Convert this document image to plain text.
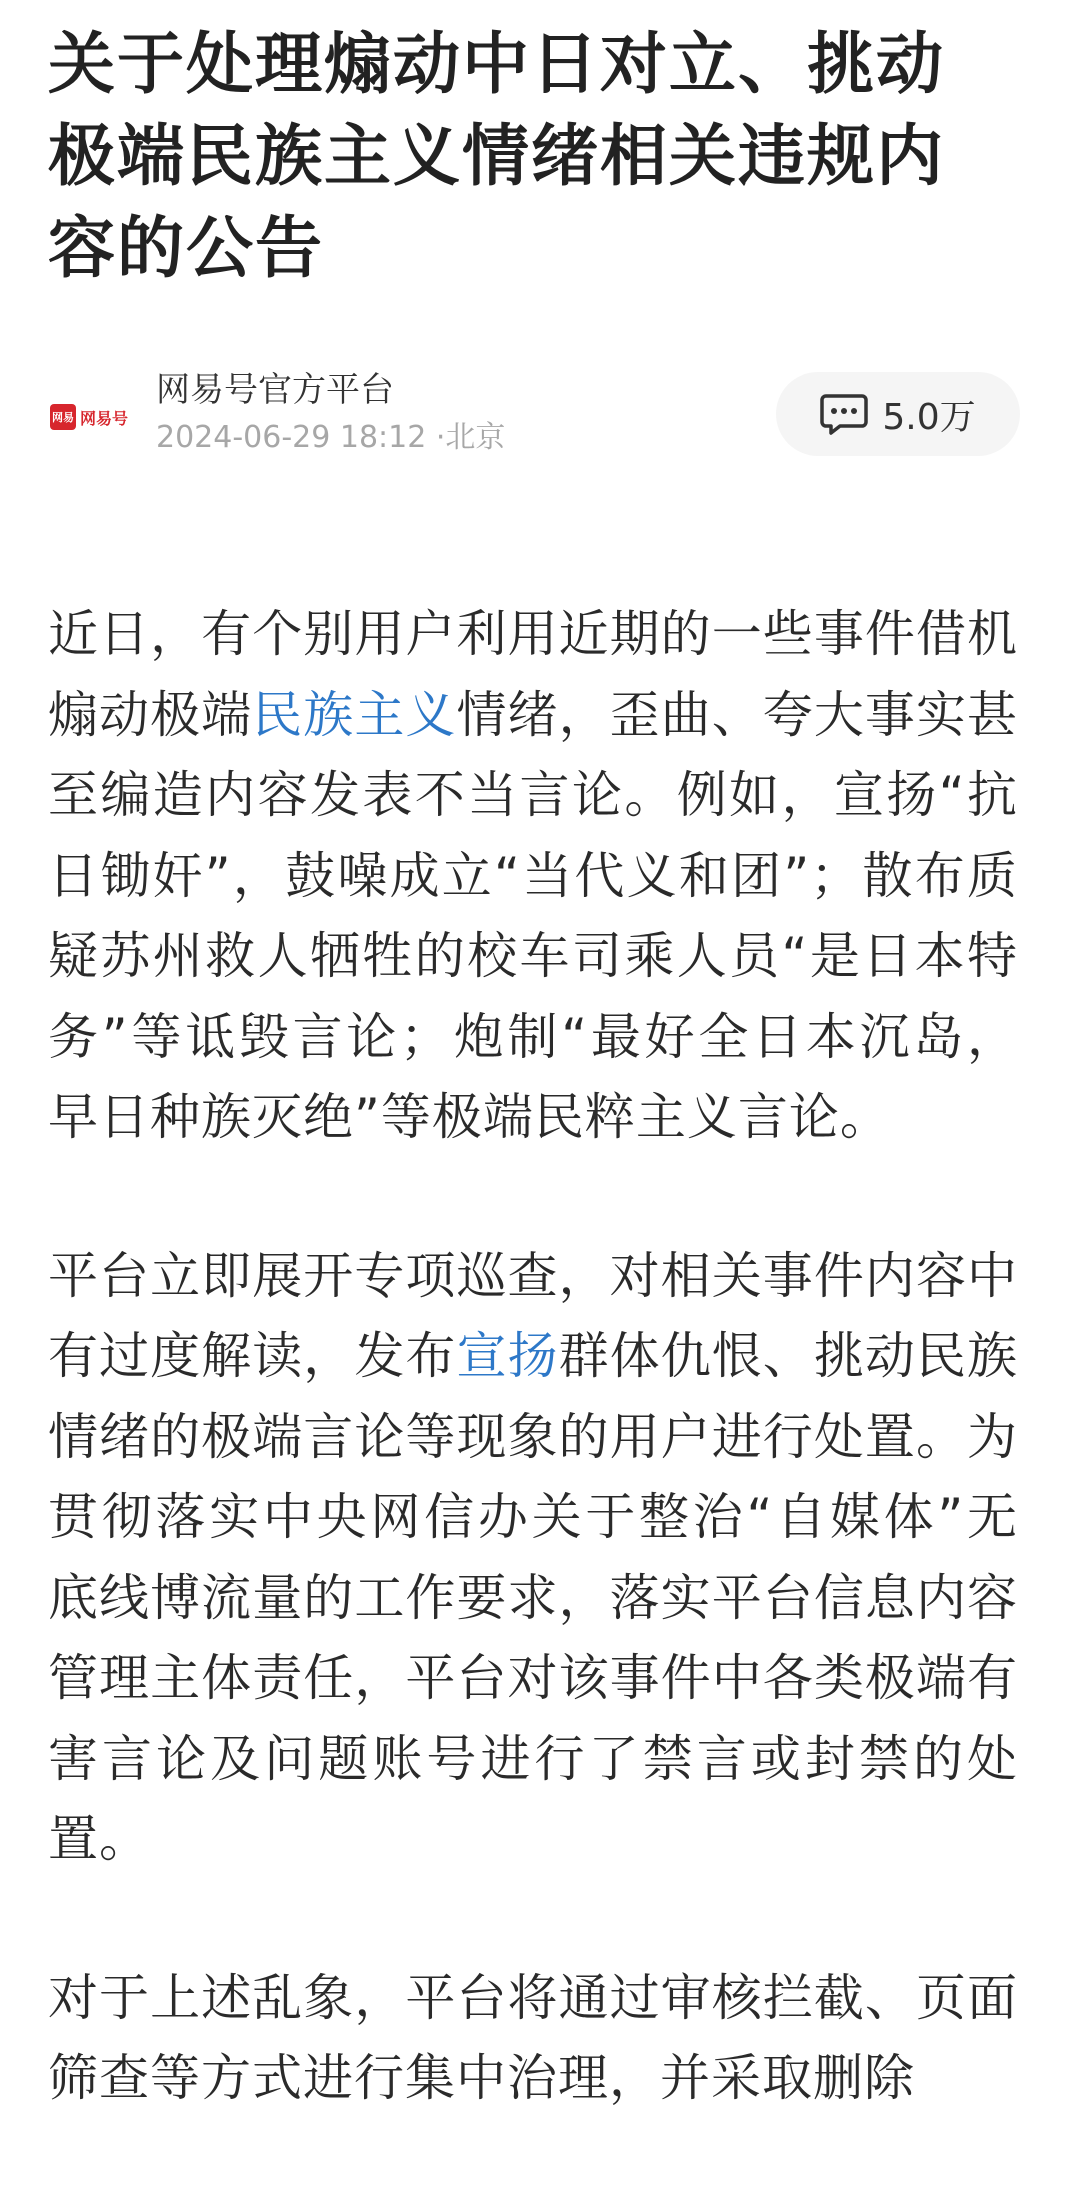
关于处理煽动中日对立、挑动极端民族主义情绪相关违规内容的公告
网易 网易号
网易号官方平台
2024-06-29 18:12 ·北京	5.0万

近日，有个别用户利用近期的一些事件借机煽动极端民族主义情绪，歪曲、夸大事实甚至编造内容发表不当言论。例如，宣扬“抗日锄奸”，鼓噪成立“当代义和团”；散布质疑苏州救人牺牲的校车司乘人员“是日本特务”等诋毁言论；炮制“最好全日本沉岛，早日种族灭绝”等极端民粹主义言论。

平台立即展开专项巡查，对相关事件内容中有过度解读，发布宣扬群体仇恨、挑动民族情绪的极端言论等现象的用户进行处置。为贯彻落实中央网信办关于整治“自媒体”无底线博流量的工作要求，落实平台信息内容管理主体责任，平台对该事件中各类极端有害言论及问题账号进行了禁言或封禁的处置。

对于上述乱象，平台将通过审核拦截、页面筛查等方式进行集中治理，并采取删除
